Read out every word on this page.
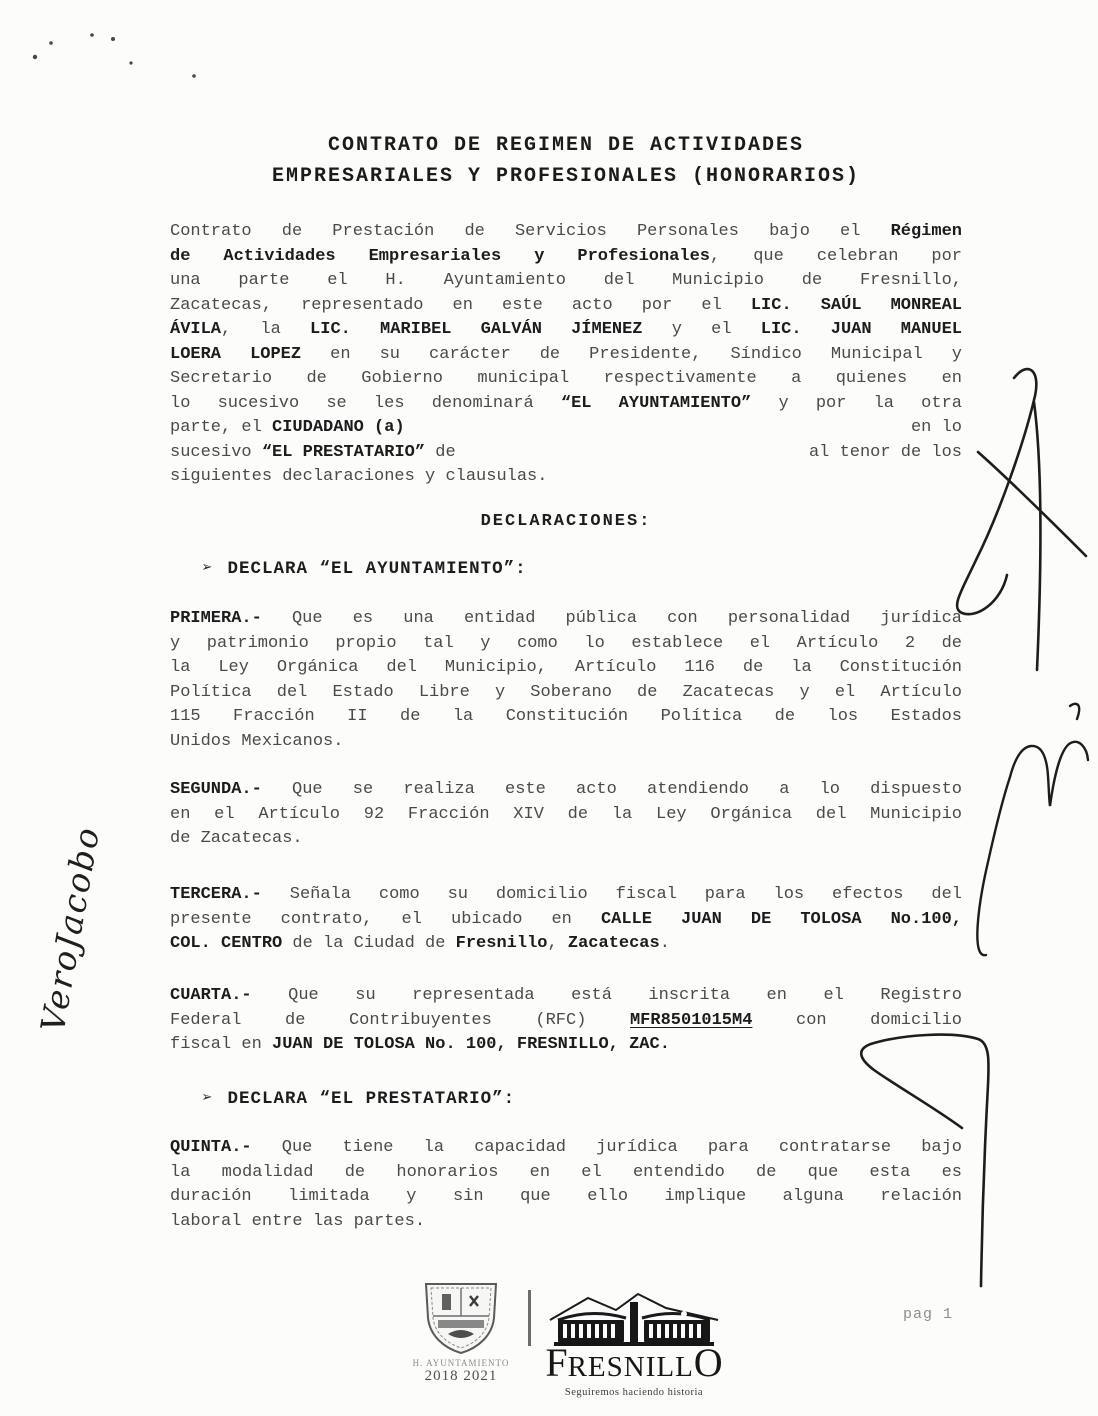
CONTRATO DE REGIMEN DE ACTIVIDADES
EMPRESARIALES Y PROFESIONALES (HONORARIOS)
Contrato de Prestación de Servicios Personales bajo el Régimen
de Actividades Empresariales y Profesionales, que celebran por
una parte el H. Ayuntamiento del Municipio de Fresnillo,
Zacatecas, representado en este acto por el LIC. SAÚL MONREAL
ÁVILA, la LIC. MARIBEL GALVÁN JÍMENEZ y el LIC. JUAN MANUEL
LOERA LOPEZ en su carácter de Presidente, Síndico Municipal y
Secretario de Gobierno municipal respectivamente a quienes en
lo sucesivo se les denominará “EL AYUNTAMIENTO” y por la otra
parte, el CIUDADANO (a)	en lo
sucesivo “EL PRESTATARIO” de	al tenor de los
siguientes declaraciones y clausulas.
DECLARACIONES:
➢ DECLARA “EL AYUNTAMIENTO”:
PRIMERA.- Que es una entidad pública con personalidad jurídica
y patrimonio propio tal y como lo establece el Artículo 2 de
la Ley Orgánica del Municipio, Artículo 116 de la Constitución
Política del Estado Libre y Soberano de Zacatecas y el Artículo
115 Fracción II de la Constitución Política de los Estados
Unidos Mexicanos.
SEGUNDA.- Que se realiza este acto atendiendo a lo dispuesto
en el Artículo 92 Fracción XIV de la Ley Orgánica del Municipio
de Zacatecas.
TERCERA.- Señala como su domicilio fiscal para los efectos del
presente contrato, el ubicado en CALLE JUAN DE TOLOSA No.100,
COL. CENTRO de la Ciudad de Fresnillo, Zacatecas.
CUARTA.- Que su representada está inscrita en el Registro
Federal de Contribuyentes (RFC) MFR8501015M4 con domicilio
fiscal en JUAN DE TOLOSA No. 100, FRESNILLO, ZAC.
➢ DECLARA “EL PRESTATARIO”:
QUINTA.- Que tiene la capacidad jurídica para contratarse bajo
la modalidad de honorarios en el entendido de que esta es
duración limitada y sin que ello implique alguna relación
laboral entre las partes.
VeroJacobo
H. AYUNTAMIENTO
2018 2021	FRESNILLO
Seguiremos haciendo historia
pag 1
